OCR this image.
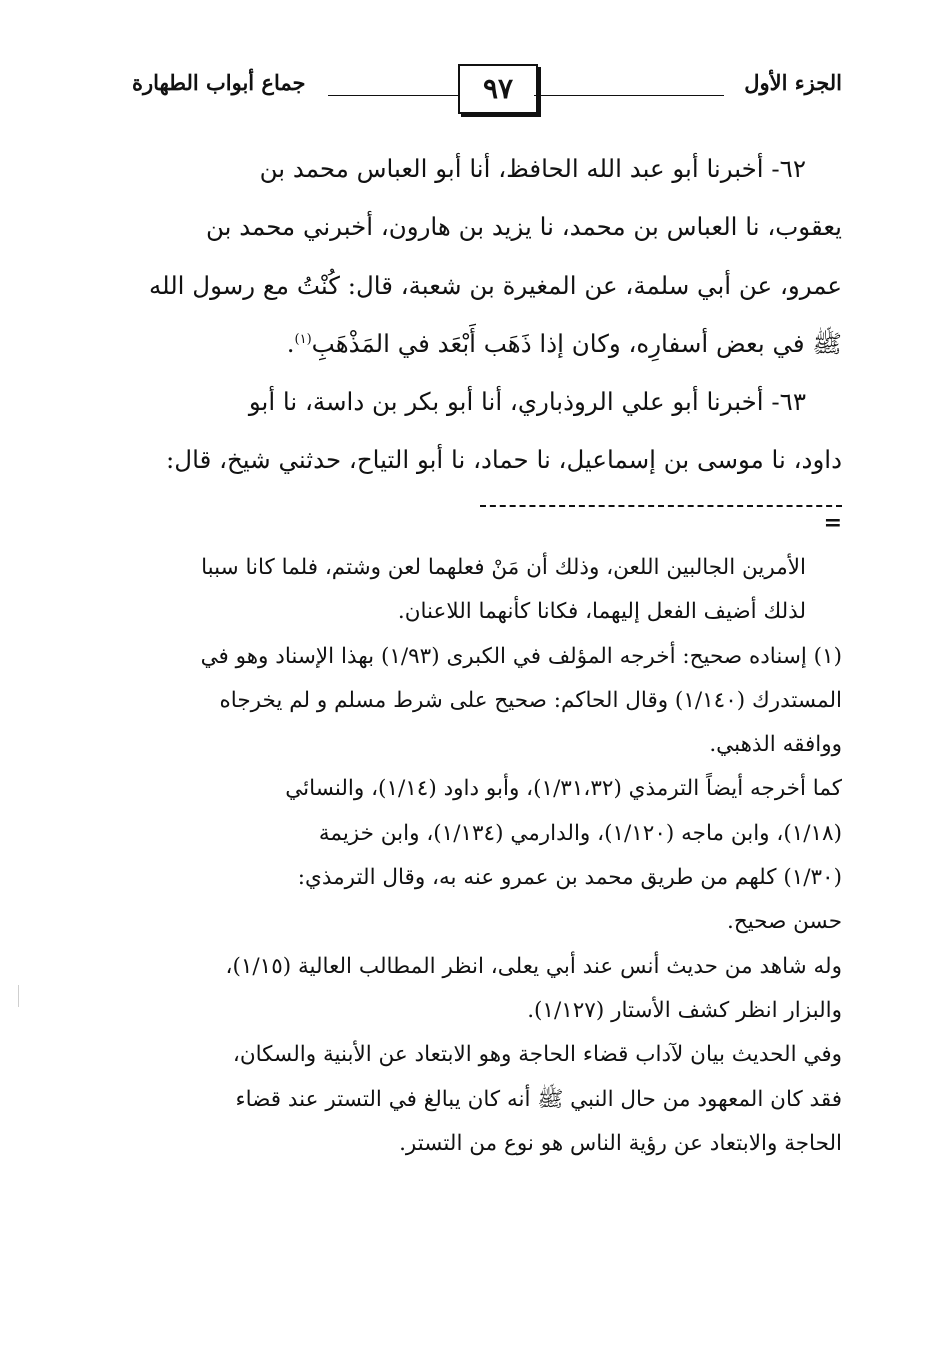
الجزء الأول
٩٧
جماع أبواب الطهارة

٦٢- أخبرنا أبو عبد الله الحافظ، أنا أبو العباس محمد بن

يعقوب، نا العباس بن محمد، نا يزيد بن هارون، أخبرني محمد بن

عمرو، عن أبي سلمة، عن المغيرة بن شعبة، قال: كُنْتُ مع رسول الله

ﷺ في بعض أسفارِه، وكان إذا ذَهَب أَبْعَد في المَذْهَبِ$^{(١)}$.

٦٣- أخبرنا أبو علي الروذباري، أنا أبو بكر بن داسة، نا أبو

داود، نا موسى بن إسماعيل، نا حماد، نا أبو التياح، حدثني شيخ، قال:

=

الأمرين الجالبين اللعن، وذلك أن مَنْ فعلهما لعن وشتم، فلما كانا سببا

لذلك أضيف الفعل إليهما، فكانا كأنهما اللاعنان.

(١) إسناده صحيح: أخرجه المؤلف في الكبرى (١/٩٣) بهذا الإسناد وهو في

المستدرك (١/١٤٠) وقال الحاكم: صحيح على شرط مسلم و لم يخرجاه

ووافقه الذهبي.

كما أخرجه أيضاً الترمذي (١/٣١،٣٢)، وأبو داود (١/١٤)، والنسائي

(١/١٨)، وابن ماجه (١/١٢٠)، والدارمي (١/١٣٤)، وابن خزيمة

(١/٣٠) كلهم من طريق محمد بن عمرو عنه به، وقال الترمذي:

حسن صحيح.

وله شاهد من حديث أنس عند أبي يعلى، انظر المطالب العالية (١/١٥)،

والبزار انظر كشف الأستار (١/١٢٧).

وفي الحديث بيان لآداب قضاء الحاجة وهو الابتعاد عن الأبنية والسكان،

فقد كان المعهود من حال النبي ﷺ أنه كان يبالغ في التستر عند قضاء

الحاجة والابتعاد عن رؤية الناس هو نوع من التستر.
